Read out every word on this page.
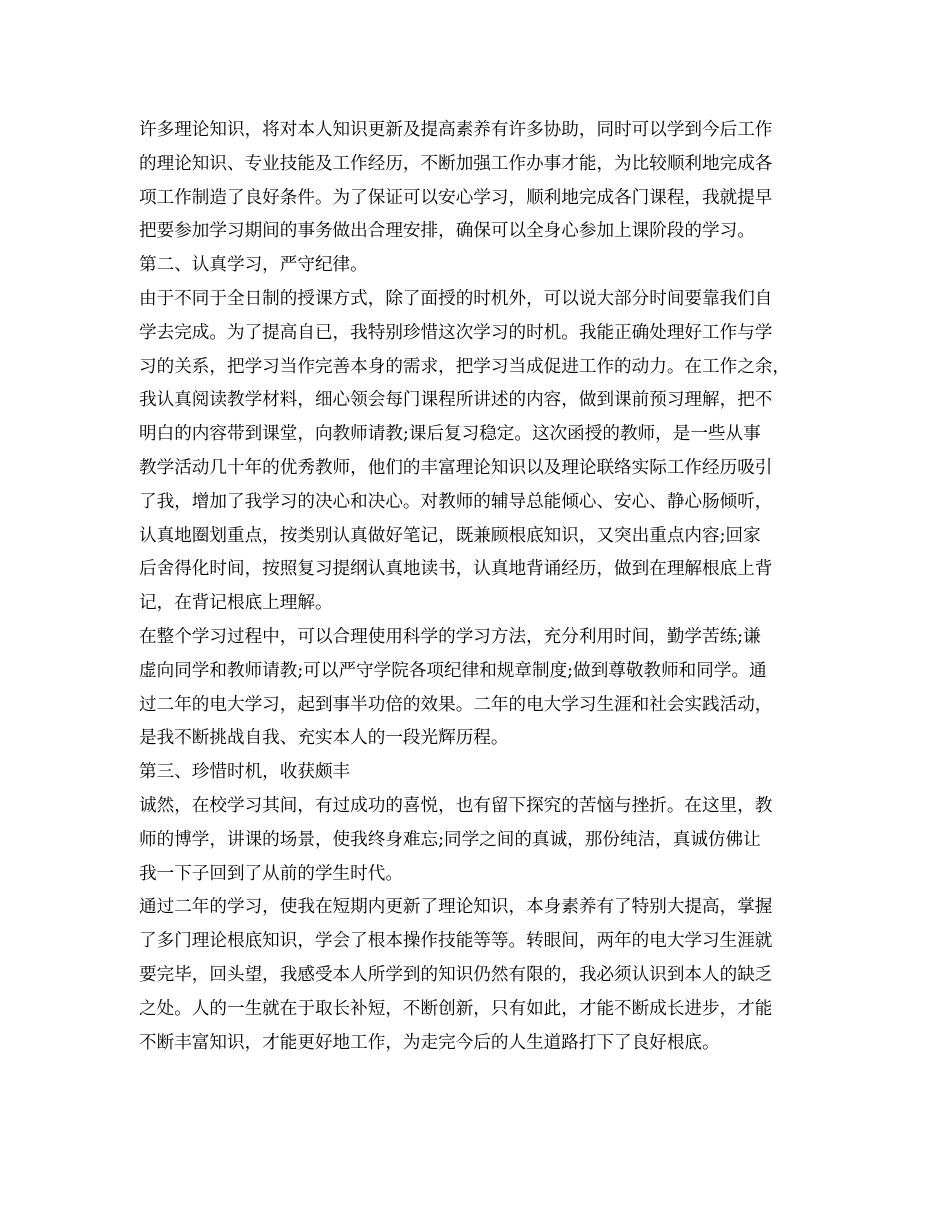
许多理论知识，将对本人知识更新及提高素养有许多协助，同时可以学到今后工作
的理论知识、专业技能及工作经历，不断加强工作办事才能，为比较顺利地完成各
项工作制造了良好条件。为了保证可以安心学习，顺利地完成各门课程，我就提早
把要参加学习期间的事务做出合理安排，确保可以全身心参加上课阶段的学习。
第二、认真学习，严守纪律。
由于不同于全日制的授课方式，除了面授的时机外，可以说大部分时间要靠我们自
学去完成。为了提高自已，我特别珍惜这次学习的时机。我能正确处理好工作与学
习的关系，把学习当作完善本身的需求，把学习当成促进工作的动力。在工作之余，
我认真阅读教学材料，细心领会每门课程所讲述的内容，做到课前预习理解，把不
明白的内容带到课堂，向教师请教;课后复习稳定。这次函授的教师，是一些从事
教学活动几十年的优秀教师，他们的丰富理论知识以及理论联络实际工作经历吸引
了我，增加了我学习的决心和决心。对教师的辅导总能倾心、安心、静心肠倾听，
认真地圈划重点，按类别认真做好笔记，既兼顾根底知识，又突出重点内容;回家
后舍得化时间，按照复习提纲认真地读书，认真地背诵经历，做到在理解根底上背
记，在背记根底上理解。
在整个学习过程中，可以合理使用科学的学习方法，充分利用时间，勤学苦练;谦
虚向同学和教师请教;可以严守学院各项纪律和规章制度;做到尊敬教师和同学。通
过二年的电大学习，起到事半功倍的效果。二年的电大学习生涯和社会实践活动，
是我不断挑战自我、充实本人的一段光辉历程。
第三、珍惜时机，收获颇丰
诚然，在校学习其间，有过成功的喜悦，也有留下探究的苦恼与挫折。在这里，教
师的博学，讲课的场景，使我终身难忘;同学之间的真诚，那份纯洁，真诚仿佛让
我一下子回到了从前的学生时代。
通过二年的学习，使我在短期内更新了理论知识，本身素养有了特别大提高，掌握
了多门理论根底知识，学会了根本操作技能等等。转眼间，两年的电大学习生涯就
要完毕，回头望，我感受本人所学到的知识仍然有限的，我必须认识到本人的缺乏
之处。人的一生就在于取长补短，不断创新，只有如此，才能不断成长进步，才能
不断丰富知识，才能更好地工作，为走完今后的人生道路打下了良好根底。
